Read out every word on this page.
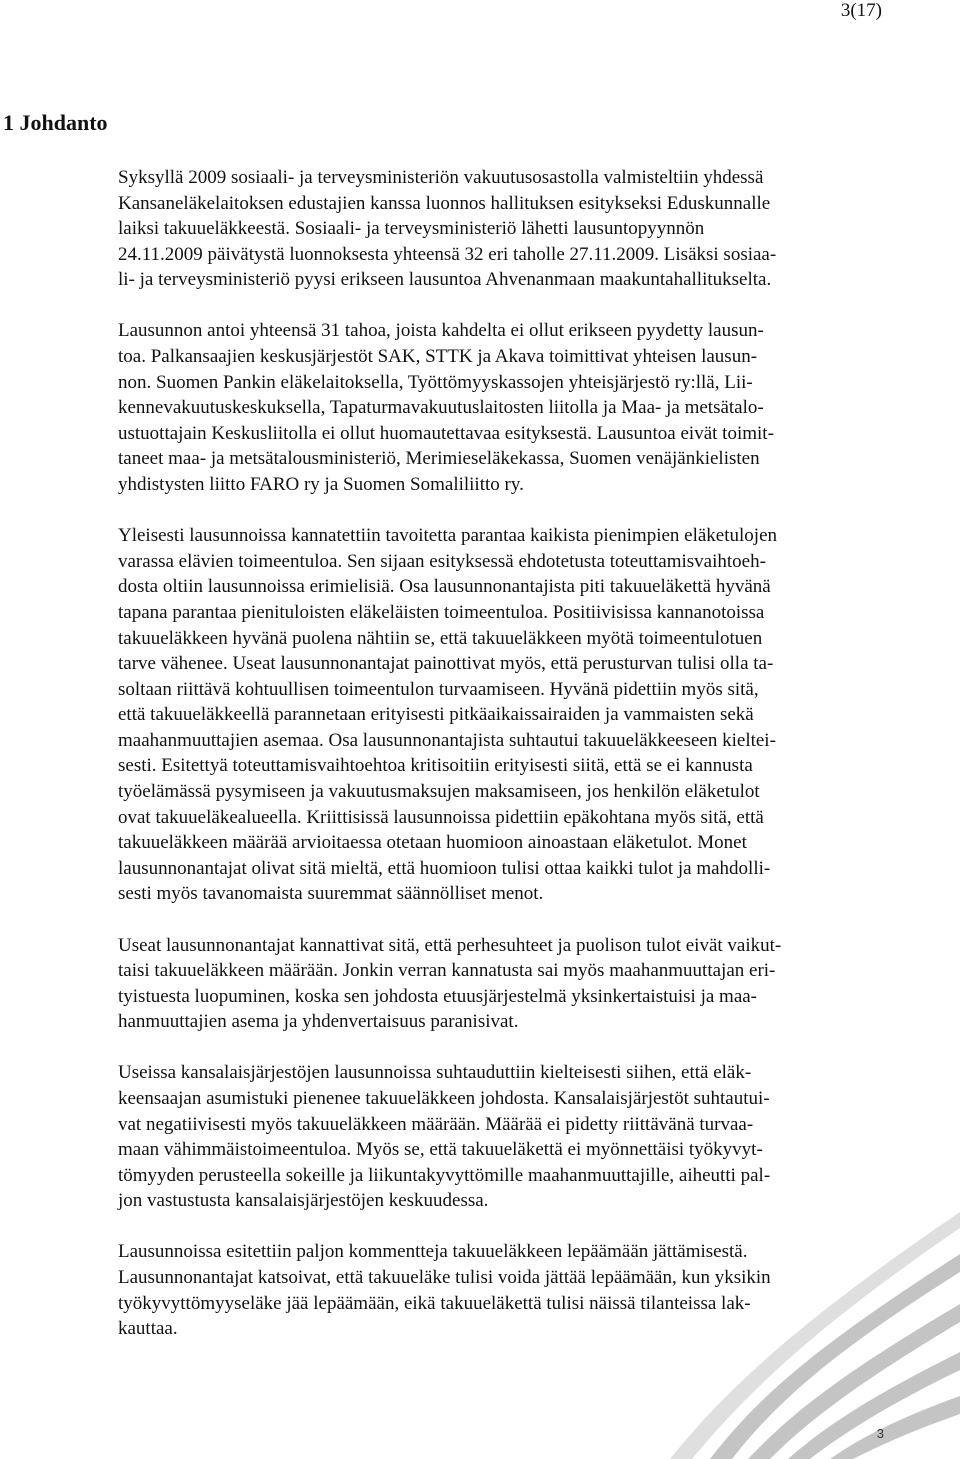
3(17)
1 Johdanto

Syksyllä 2009 sosiaali- ja terveysministeriön vakuutusosastolla valmisteltiin yhdessä
Kansaneläkelaitoksen edustajien kanssa luonnos hallituksen esitykseksi Eduskunnalle
laiksi takuueläkkeestä. Sosiaali- ja terveysministeriö lähetti lausuntopyynnön
24.11.2009 päivätystä luonnoksesta yhteensä 32 eri taholle 27.11.2009. Lisäksi sosiaa-
li- ja terveysministeriö pyysi erikseen lausuntoa Ahvenanmaan maakuntahallitukselta.

Lausunnon antoi yhteensä 31 tahoa, joista kahdelta ei ollut erikseen pyydetty lausun-
toa. Palkansaajien keskusjärjestöt SAK, STTK ja Akava toimittivat yhteisen lausun-
non. Suomen Pankin eläkelaitoksella, Työttömyyskassojen yhteisjärjestö ry:llä, Lii-
kennevakuutuskeskuksella, Tapaturmavakuutuslaitosten liitolla ja Maa- ja metsätalo-
ustuottajain Keskusliitolla ei ollut huomautettavaa esityksestä. Lausuntoa eivät toimit-
taneet maa- ja metsätalousministeriö, Merimieseläkekassa, Suomen venäjänkielisten
yhdistysten liitto FARO ry ja Suomen Somaliliitto ry.

Yleisesti lausunnoissa kannatettiin tavoitetta parantaa kaikista pienimpien eläketulojen
varassa elävien toimeentuloa. Sen sijaan esityksessä ehdotetusta toteuttamisvaihtoeh-
dosta oltiin lausunnoissa erimielisiä. Osa lausunnonantajista piti takuueläkettä hyvänä
tapana parantaa pienituloisten eläkeläisten toimeentuloa. Positiivisissa kannanotoissa
takuueläkkeen hyvänä puolena nähtiin se, että takuueläkkeen myötä toimeentulotuen
tarve vähenee. Useat lausunnonantajat painottivat myös, että perusturvan tulisi olla ta-
soltaan riittävä kohtuullisen toimeentulon turvaamiseen. Hyvänä pidettiin myös sitä,
että takuueläkkeellä parannetaan erityisesti pitkäaikaissairaiden ja vammaisten sekä
maahanmuuttajien asemaa. Osa lausunnonantajista suhtautui takuueläkkeeseen kieltei-
sesti. Esitettyä toteuttamisvaihtoehtoa kritisoitiin erityisesti siitä, että se ei kannusta
työelämässä pysymiseen ja vakuutusmaksujen maksamiseen, jos henkilön eläketulot
ovat takuueläkealueella. Kriittisissä lausunnoissa pidettiin epäkohtana myös sitä, että
takuueläkkeen määrää arvioitaessa otetaan huomioon ainoastaan eläketulot. Monet
lausunnonantajat olivat sitä mieltä, että huomioon tulisi ottaa kaikki tulot ja mahdolli-
sesti myös tavanomaista suuremmat säännölliset menot.

Useat lausunnonantajat kannattivat sitä, että perhesuhteet ja puolison tulot eivät vaikut-
taisi takuueläkkeen määrään. Jonkin verran kannatusta sai myös maahanmuuttajan eri-
tyistuesta luopuminen, koska sen johdosta etuusjärjestelmä yksinkertaistuisi ja maa-
hanmuuttajien asema ja yhdenvertaisuus paranisivat.

Useissa kansalaisjärjestöjen lausunnoissa suhtauduttiin kielteisesti siihen, että eläk-
keensaajan asumistuki pienenee takuueläkkeen johdosta. Kansalaisjärjestöt suhtautui-
vat negatiivisesti myös takuueläkkeen määrään. Määrää ei pidetty riittävänä turvaa-
maan vähimmäistoimeentuloa. Myös se, että takuueläkettä ei myönnettäisi työkyvyt-
tömyyden perusteella sokeille ja liikuntakyvyttömille maahanmuuttajille, aiheutti pal-
jon vastustusta kansalaisjärjestöjen keskuudessa.

Lausunnoissa esitettiin paljon kommentteja takuueläkkeen lepäämään jättämisestä.
Lausunnonantajat katsoivat, että takuueläke tulisi voida jättää lepäämään, kun yksikin
työkyvyttömyyseläke jää lepäämään, eikä takuueläkettä tulisi näissä tilanteissa lak-
kauttaa.

3
